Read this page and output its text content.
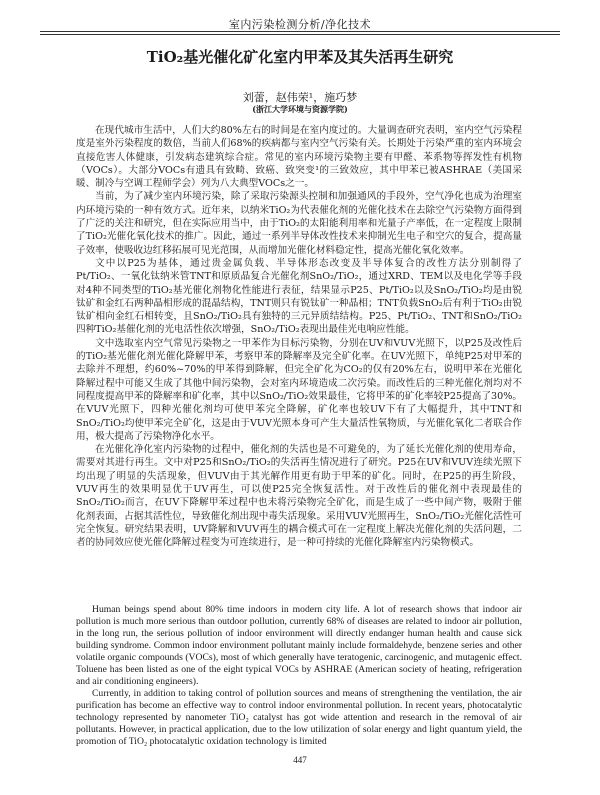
室内污染检测分析/净化技术
TiO₂基光催化矿化室内甲苯及其失活再生研究
刘蕾，赵伟荣¹，施巧梦
(浙江大学环境与资源学院)

在现代城市生活中，人们大约80%左右的时间是在室内度过的。大量调查研究表明，室内空气污染程度是室外污染程度的数倍，当前人们68%的疾病都与室内空气污染有关。长期处于污染严重的室内环境会直接危害人体健康，引发病态建筑综合症。常见的室内环境污染物主要有甲醛、苯系物等挥发性有机物（VOCs）。大部分VOCs有遗具有致畸、致癌、致突变¹的三致效应，其中甲苯已被ASHRAE（美国采暖、制冷与空调工程师学会）列为八大典型VOCs之一。

当前，为了减少室内环境污染，除了采取污染源头控制和加强通风的手段外，空气净化也成为治理室内环境污染的一种有效方式。近年来，以纳米TiO₂为代表催化剂的光催化技术在去除空气污染物方面得到了广泛的关注和研究，但在实际应用当中，由于TiO₂的太阳能利用率和光量子产率低，在一定程度上限制了TiO₂光催化氧化技术的推广。因此，通过一系列半导体改性技术来抑制光生电子和空穴的复合，提高量子效率，使吸收边红移拓展可见光范围，从而增加光催化材料稳定性，提高光催化氧化效率。

文中以P25为基体，通过贵金属负载、半导体形态改变及半导体复合的改性方法分别制得了Pt/TiO₂、一氧化钛纳米管TNT和原质晶复合光催化剂SnO₂/TiO₂，通过XRD、TEM以及电化学等手段对4种不同类型的TiO₂基光催化剂物化性能进行表征，结果显示P25、Pt/TiO₂以及SnO₂/TiO₂均是由锐钛矿和金红石两种晶相形成的混晶结构，TNT则只有锐钛矿一种晶相；TNT负载SnO₂后有利于TiO₂由锐钛矿相向金红石相转变，且SnO₂/TiO₂具有独特的三元异质结结构。P25、Pt/TiO₂、TNT和SnO₂/TiO₂四种TiO₂基催化剂的光电活性依次增强，SnO₂/TiO₂表现出最佳光电响应性能。

文中选取室内空气常见污染物之一甲苯作为目标污染物，分别在UV和VUV光照下，以P25及改性后的TiO₂基光催化剂光催化降解甲苯，考察甲苯的降解率及完全矿化率。在UV光照下，单纯P25对甲苯的去除并不理想，约60%~70%的甲苯得到降解，但完全矿化为CO₂的仅有20%左右，说明甲苯在光催化降解过程中可能又生成了其他中间污染物，会对室内环境造成二次污染。而改性后的三种光催化剂均对不同程度提高甲苯的降解率和矿化率，其中以SnO₂/TiO₂效果最佳，它将甲苯的矿化率较P25提高了30%。在VUV光照下，四种光催化剂均可使甲苯完全降解，矿化率也较UV下有了大幅提升，其中TNT和SnO₂/TiO₂均使甲苯完全矿化，这是由于VUV光照本身可产生大量活性氧物质，与光催化氧化二者联合作用，极大提高了污染物净化水平。

在光催化净化室内污染物的过程中，催化剂的失活也是不可避免的，为了延长光催化剂的使用寿命，需要对其进行再生。文中对P25和SnO₂/TiO₂的失活再生情况进行了研究。P25在UV和VUV连续光照下均出现了明显的失活现象，但VUV由于其光解作用更有助于甲苯的矿化。同时，在P25的再生阶段，VUV再生的效果明显优于UV再生，可以使P25完全恢复活性。对于改性后的催化剂中表现最佳的SnO₂/TiO₂而言，在UV下降解甲苯过程中也未将污染物完全矿化，而是生成了一些中间产物，吸附于催化剂表面，占据其活性位，导致催化剂出现中毒失活现象。采用VUV光照再生，SnO₂/TiO₂光催化活性可完全恢复。研究结果表明，UV降解和VUV再生的耦合模式可在一定程度上解决光催化剂的失活问题，二者的协同效应使光催化降解过程变为可连续进行，是一种可持续的光催化降解室内污染物模式。

Human beings spend about 80% time indoors in modern city life. A lot of research shows that indoor air pollution is much more serious than outdoor pollution, currently 68% of diseases are related to indoor air pollution, in the long run, the serious pollution of indoor environment will directly endanger human health and cause sick building syndrome. Common indoor environment pollutant mainly include formaldehyde, benzene series and other volatile organic compounds (VOCs), most of which generally have teratogenic, carcinogenic, and mutagenic effect. Toluene has been listed as one of the eight typical VOCs by ASHRAE (American society of heating, refrigeration and air conditioning engineers).

Currently, in addition to taking control of pollution sources and means of strengthening the ventilation, the air purification has become an effective way to control indoor environmental pollution. In recent years, photocatalytic technology represented by nanometer TiO₂ catalyst has got wide attention and research in the removal of air pollutants. However, in practical application, due to the low utilization of solar energy and light quantum yield, the promotion of TiO₂ photocatalytic oxidation technology is limited

447
